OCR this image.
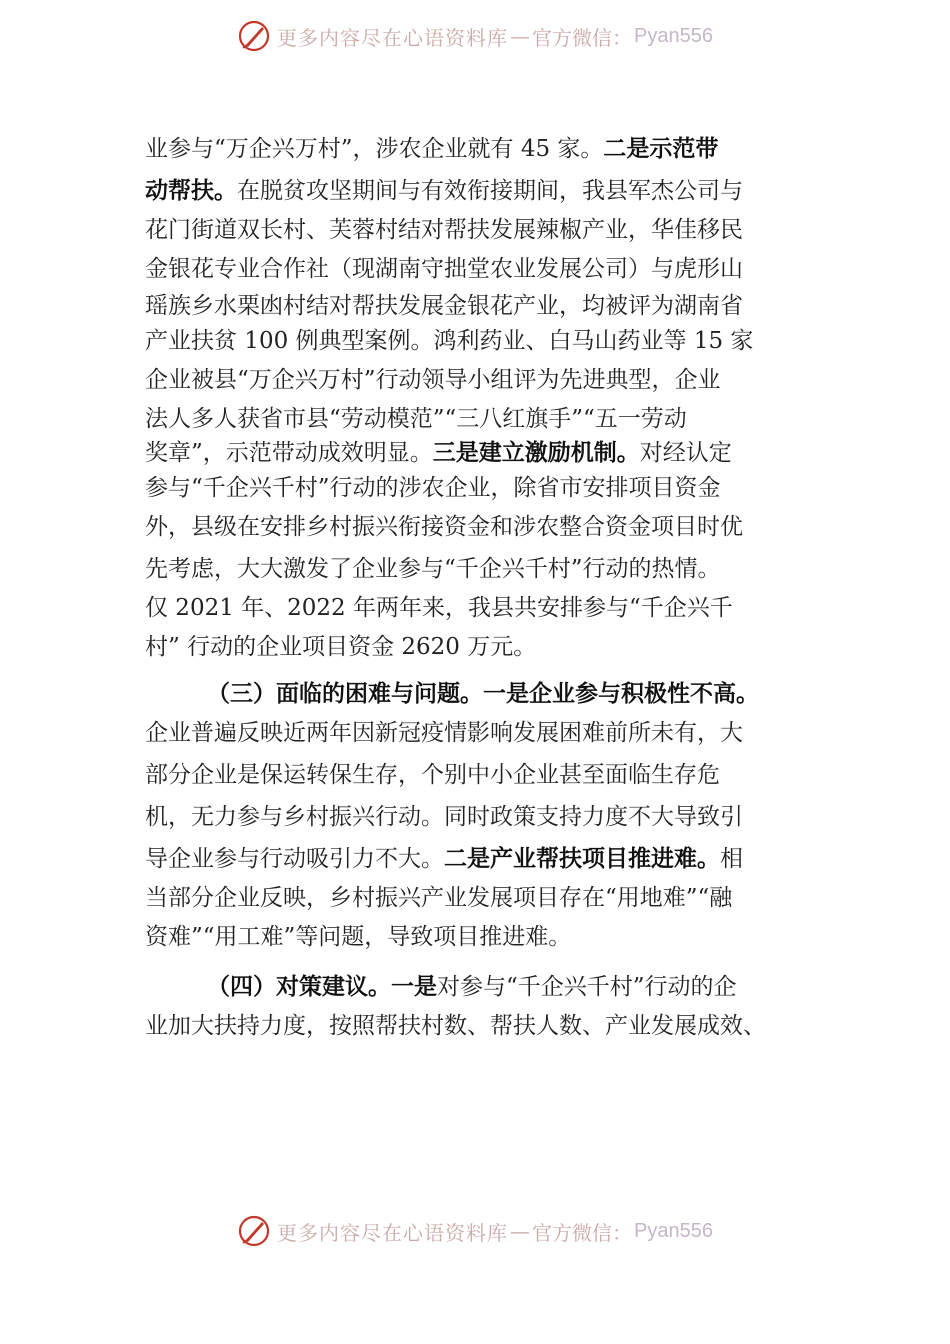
更多内容尽在心语资料库 — 官方微信： Pyan556

业参与“万企兴万村”，涉农企业就有 45 家。二是示范带

动帮扶。在脱贫攻坚期间与有效衔接期间，我县军杰公司与

花门街道双长村、芙蓉村结对帮扶发展辣椒产业，华佳移民

金银花专业合作社（现湖南守拙堂农业发展公司）与虎形山

瑶族乡水栗凼村结对帮扶发展金银花产业，均被评为湖南省

产业扶贫 100 例典型案例。鸿利药业、白马山药业等 15 家

企业被县“万企兴万村”行动领导小组评为先进典型，企业

法人多人获省市县“劳动模范”“三八红旗手”“五一劳动

奖章”，示范带动成效明显。三是建立激励机制。对经认定

参与“千企兴千村”行动的涉农企业，除省市安排项目资金

外，县级在安排乡村振兴衔接资金和涉农整合资金项目时优

先考虑，大大激发了企业参与“千企兴千村”行动的热情。

仅 2021 年、2022 年两年来，我县共安排参与“千企兴千

村” 行动的企业项目资金 2620 万元。

（三）面临的困难与问题。一是企业参与积极性不高。

企业普遍反映近两年因新冠疫情影响发展困难前所未有，大

部分企业是保运转保生存，个别中小企业甚至面临生存危

机，无力参与乡村振兴行动。同时政策支持力度不大导致引

导企业参与行动吸引力不大。二是产业帮扶项目推进难。相

当部分企业反映，乡村振兴产业发展项目存在“用地难”“融

资难”“用工难”等问题，导致项目推进难。

（四）对策建议。一是对参与“千企兴千村”行动的企

业加大扶持力度，按照帮扶村数、帮扶人数、产业发展成效、

更多内容尽在心语资料库 — 官方微信： Pyan556
